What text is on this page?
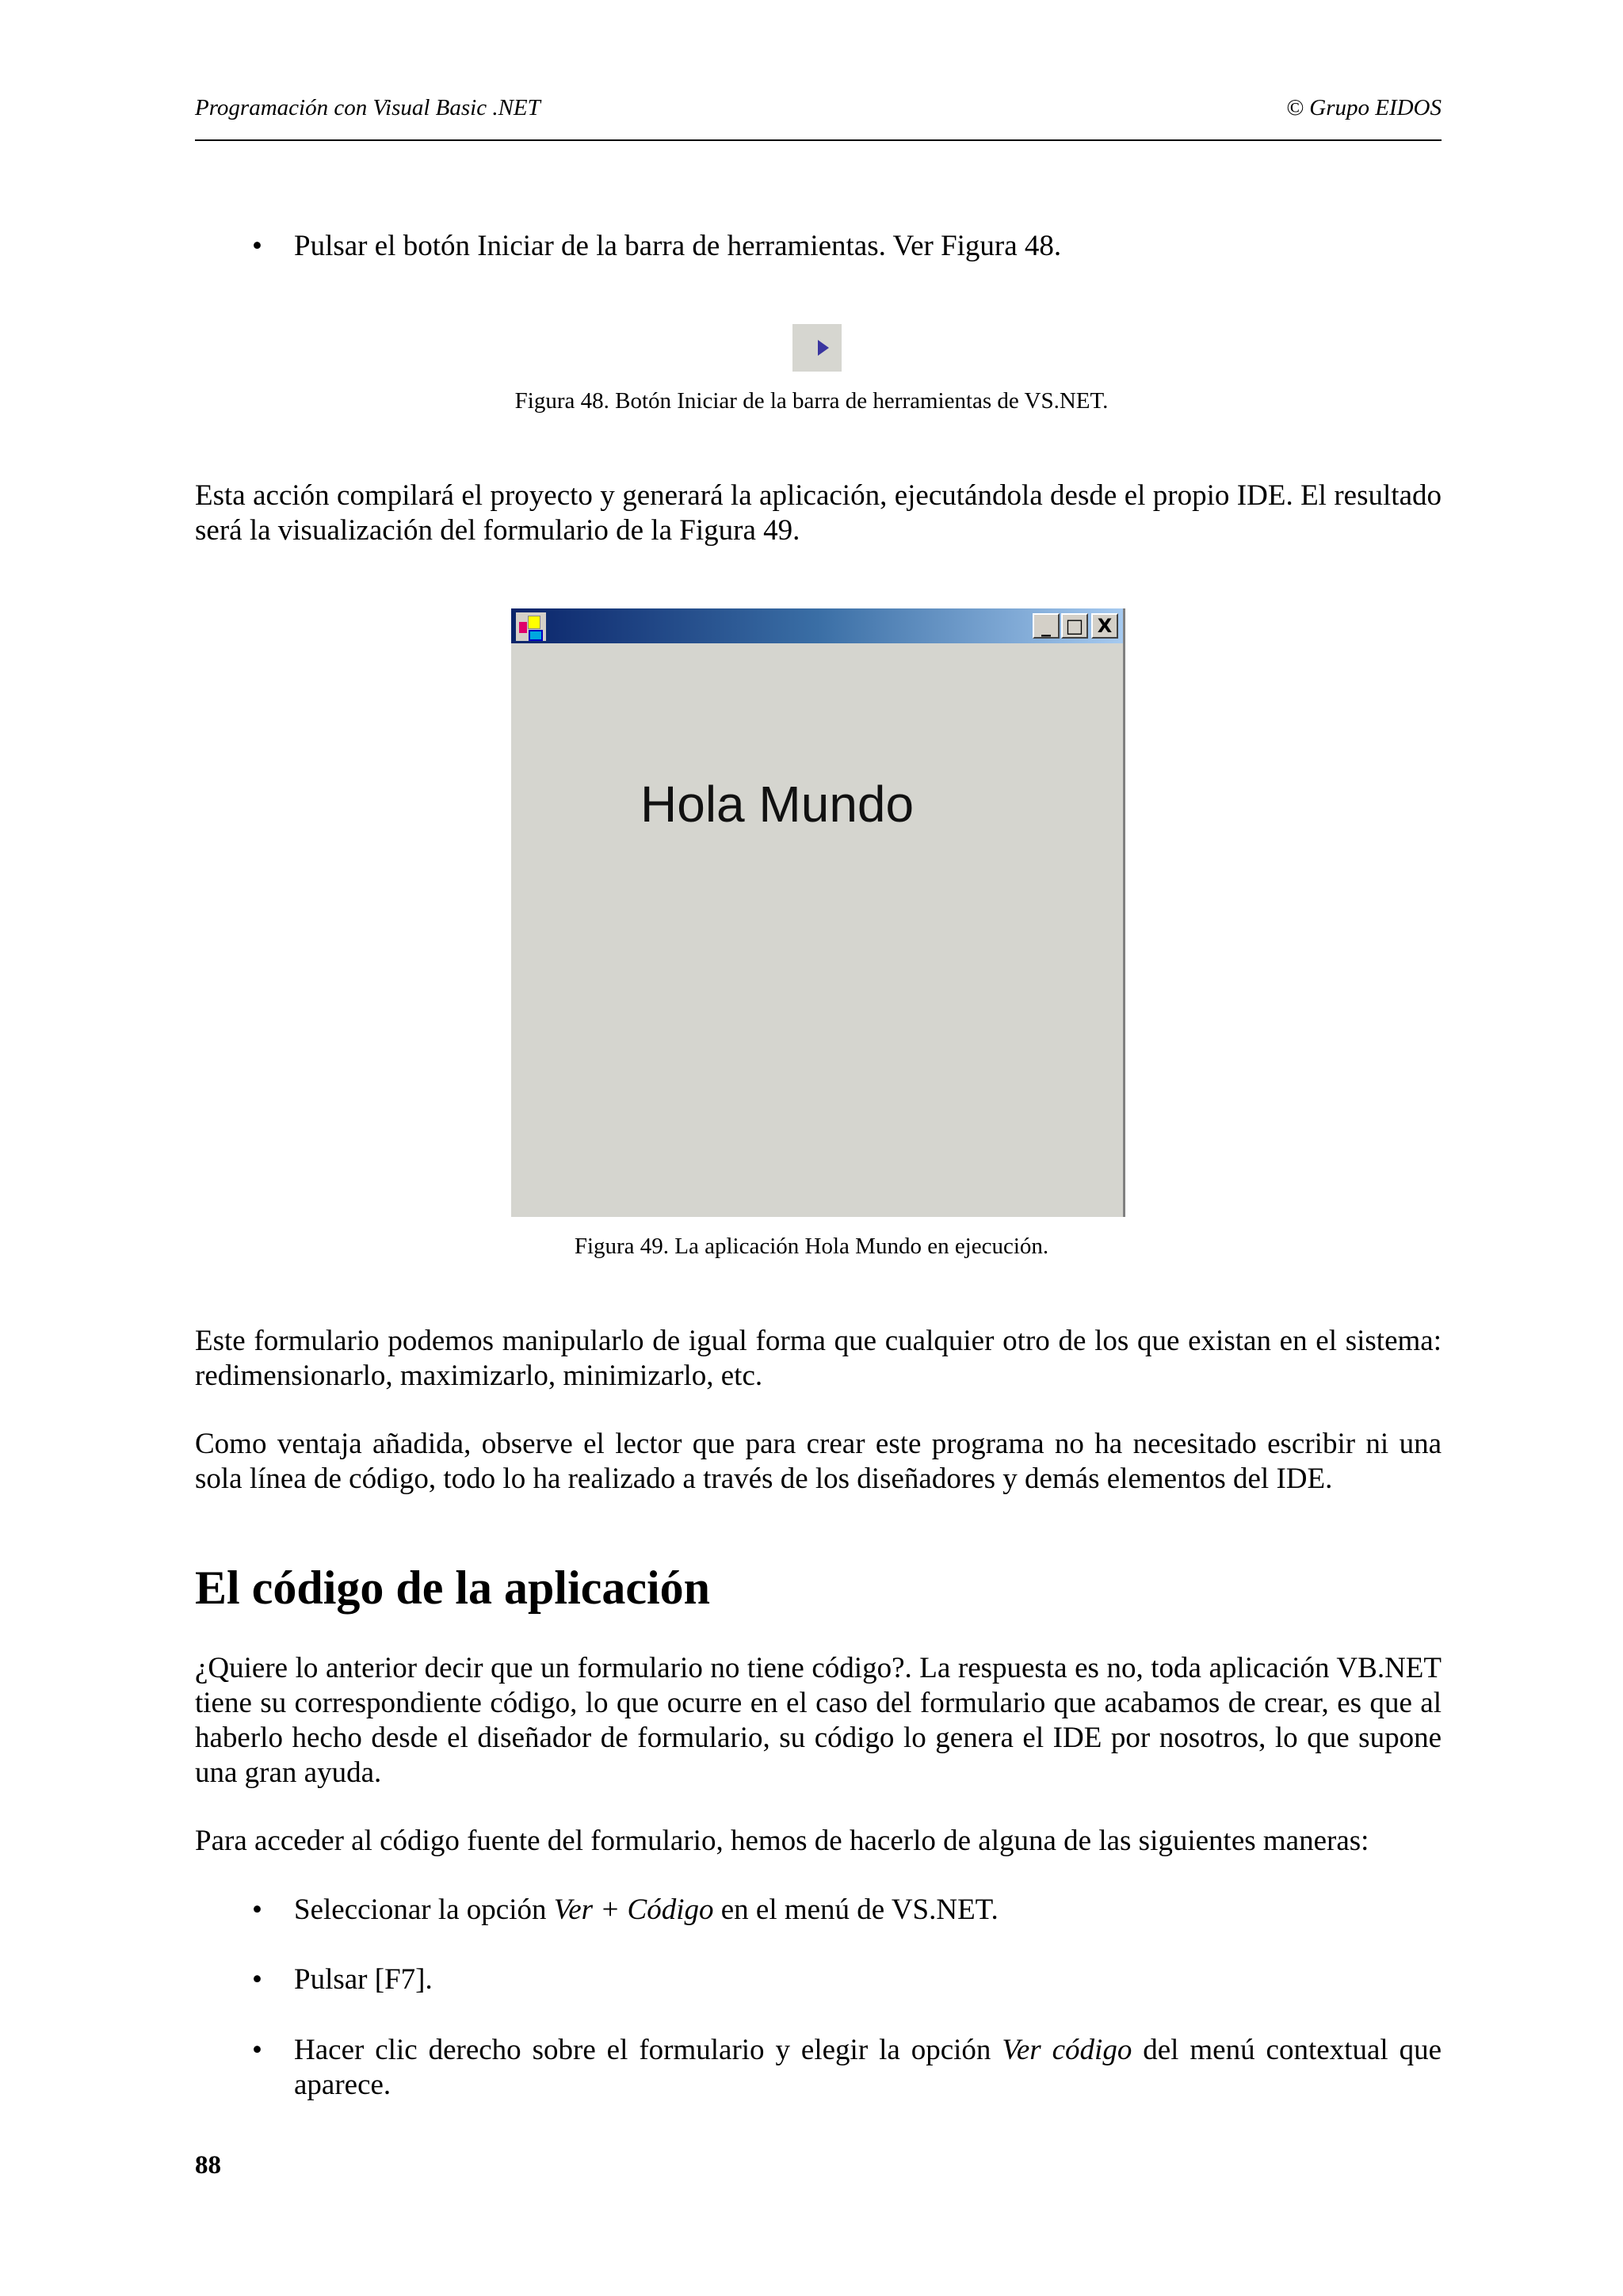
Programación con Visual Basic .NET	© Grupo EIDOS
• Pulsar el botón Iniciar de la barra de herramientas. Ver Figura 48.
Figura 48. Botón Iniciar de la barra de herramientas de VS.NET.
Esta acción compilará el proyecto y generará la aplicación, ejecutándola desde el propio IDE. El resultado será la visualización del formulario de la Figura 49.
_ □ X
Hola Mundo
Figura 49. La aplicación Hola Mundo en ejecución.
Este formulario podemos manipularlo de igual forma que cualquier otro de los que existan en el sistema: redimensionarlo, maximizarlo, minimizarlo, etc.
Como ventaja añadida, observe el lector que para crear este programa no ha necesitado escribir ni una sola línea de código, todo lo ha realizado a través de los diseñadores y demás elementos del IDE.
El código de la aplicación
¿Quiere lo anterior decir que un formulario no tiene código?. La respuesta es no, toda aplicación VB.NET tiene su correspondiente código, lo que ocurre en el caso del formulario que acabamos de crear, es que al haberlo hecho desde el diseñador de formulario, su código lo genera el IDE por nosotros, lo que supone una gran ayuda.
Para acceder al código fuente del formulario, hemos de hacerlo de alguna de las siguientes maneras:
• Seleccionar la opción Ver + Código en el menú de VS.NET.
• Pulsar [F7].
• Hacer clic derecho sobre el formulario y elegir la opción Ver código del menú contextual que aparece.
88
